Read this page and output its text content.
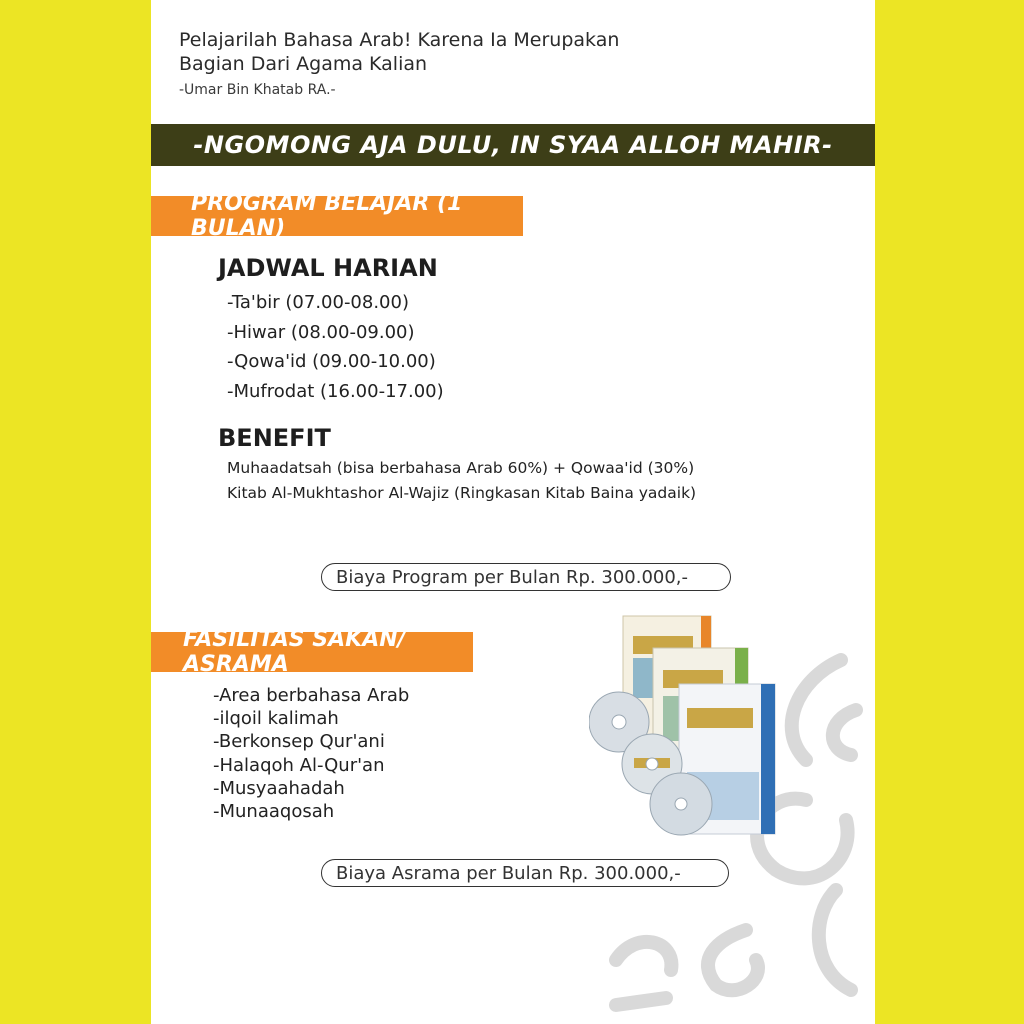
Pelajarilah Bahasa Arab! Karena Ia Merupakan
Bagian Dari Agama Kalian
-Umar Bin Khatab RA.-
-NGOMONG AJA DULU, IN SYAA ALLOH MAHIR-
PROGRAM BELAJAR (1 BULAN)
JADWAL HARIAN
-Ta'bir (07.00-08.00)
-Hiwar (08.00-09.00)
-Qowa'id (09.00-10.00)
-Mufrodat (16.00-17.00)
BENEFIT
Muhaadatsah (bisa berbahasa Arab 60%) + Qowaa'id (30%)
Kitab Al-Mukhtashor Al-Wajiz (Ringkasan Kitab Baina yadaik)
Biaya Program per Bulan Rp. 300.000,-
FASILITAS SAKAN/ ASRAMA
-Area berbahasa Arab
-ilqoil kalimah
-Berkonsep Qur'ani
-Halaqoh Al-Qur'an
-Musyaahadah
-Munaaqosah
Biaya Asrama per Bulan Rp. 300.000,-
